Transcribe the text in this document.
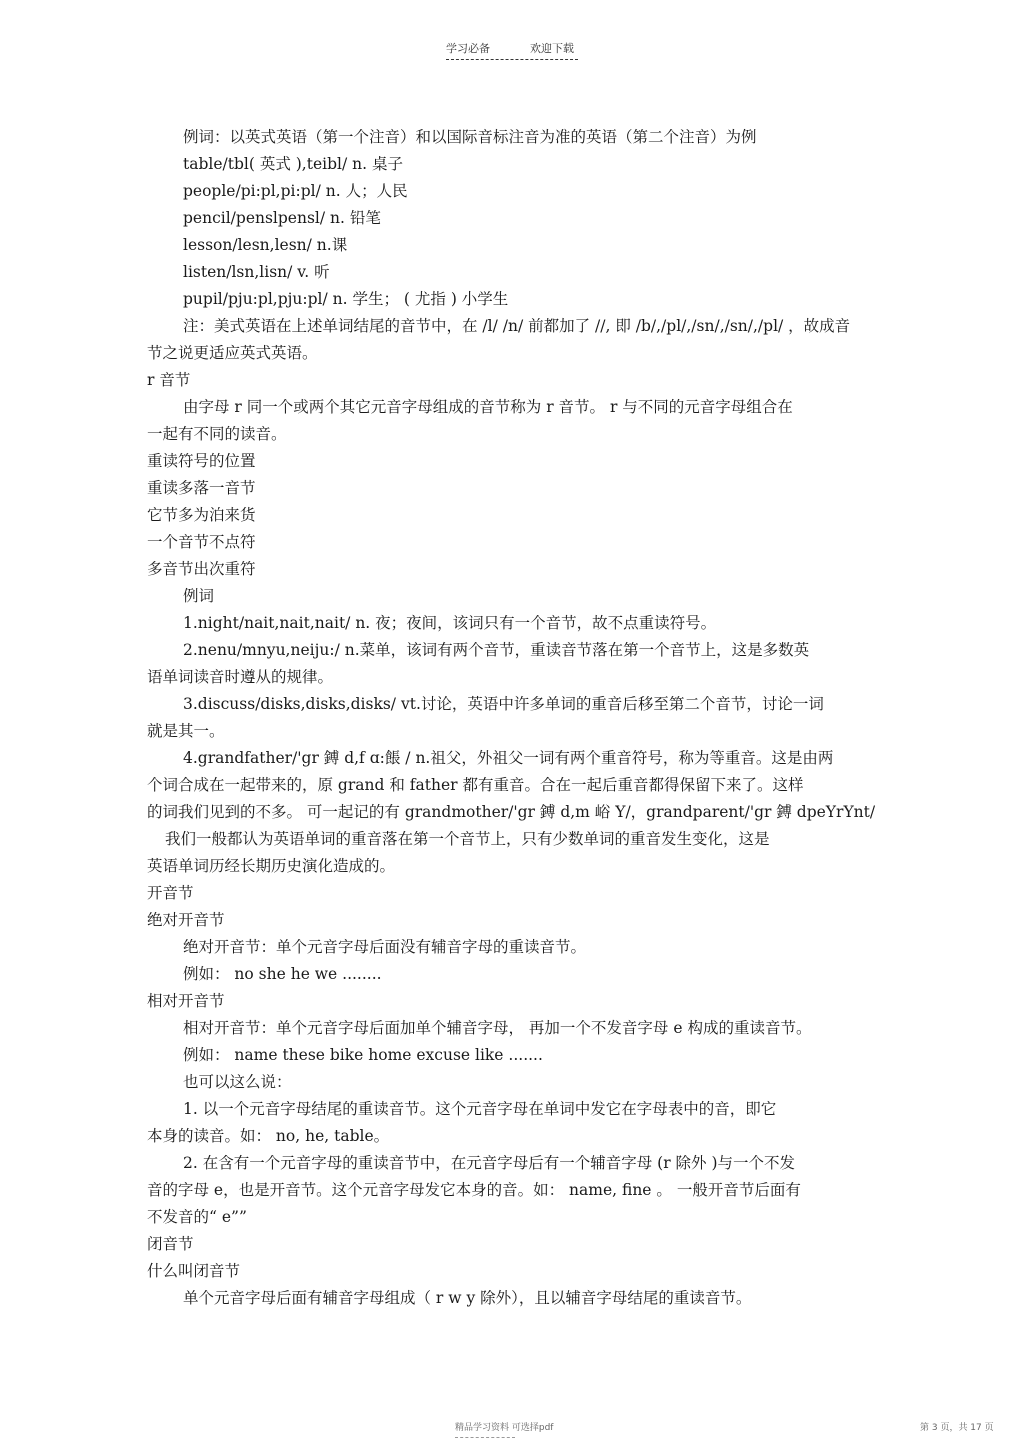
学习必备	欢迎下载
例词：以英式英语（第一个注音）和以国际音标注音为准的英语（第二个注音）为例
table/tbl( 英式 ),teibl/ n. 桌子
people/pi:pl,pi:pl/ n. 人；人民
pencil/penslpensl/ n. 铅笔
lesson/lesn,lesn/ n.课
listen/lsn,lisn/ v. 听
pupil/pju:pl,pju:pl/ n. 学生； ( 尤指 ) 小学生
注：美式英语在上述单词结尾的音节中，在 /l/ /n/ 前都加了 //, 即 /b/,/pl/,/sn/,/sn/,/pl/ ，故成音
节之说更适应英式英语。
r 音节
由字母 r 同一个或两个其它元音字母组成的音节称为 r 音节。 r 与不同的元音字母组合在
一起有不同的读音。
重读符号的位置
重读多落一音节
它节多为泊来货
一个音节不点符
多音节出次重符
例词
1.night/nait,nait,nait/ n. 夜；夜间，该词只有一个音节，故不点重读符号。
2.nenu/mnyu,neiju:/ n.菜单，该词有两个音节，重读音节落在第一个音节上，这是多数英
语单词读音时遵从的规律。
3.discuss/disks,disks,disks/ vt.讨论，英语中许多单词的重音后移至第二个音节，讨论一词
就是其一。
4.grandfather/'gr 鎛 d,f ɑ:餦 / n.祖父，外祖父一词有两个重音符号，称为等重音。这是由两
个词合成在一起带来的，原 grand 和 father 都有重音。合在一起后重音都得保留下来了。这样
的词我们见到的不多。 可一起记的有 grandmother/'gr 鎛 d,m 峪 Y/，grandparent/'gr 鎛 dpeYrYnt/
我们一般都认为英语单词的重音落在第一个音节上，只有少数单词的重音发生变化，这是
英语单词历经长期历史演化造成的。
开音节
绝对开音节
绝对开音节：单个元音字母后面没有辅音字母的重读音节。
例如： no she he we ........
相对开音节
相对开音节：单个元音字母后面加单个辅音字母， 再加一个不发音字母 e 构成的重读音节。
例如： name these bike home excuse like .......
也可以这么说：
1. 以一个元音字母结尾的重读音节。这个元音字母在单词中发它在字母表中的音，即它
本身的读音。如： no, he, table。
2. 在含有一个元音字母的重读音节中，在元音字母后有一个辅音字母 (r 除外 )与一个不发
音的字母 e，也是开音节。这个元音字母发它本身的音。如： name, fine 。 一般开音节后面有
不发音的“ e””
闭音节
什么叫闭音节
单个元音字母后面有辅音字母组成（ r w y 除外），且以辅音字母结尾的重读音节。
精品学习资料 可选择pdf	第 3 页，共 17 页
